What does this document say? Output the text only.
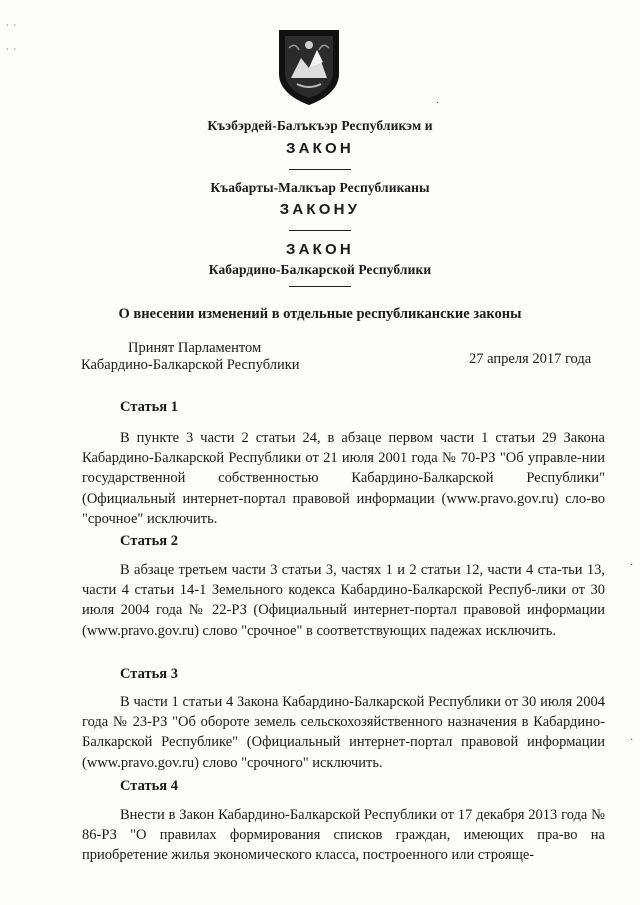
·  ·

·  ·
Къэбэрдей-Балъкъэр Республикэм и
ЗАКОН
Къабарты-Малкъар Республиканы
ЗАКОНУ
ЗАКОН
Кабардино-Балкарской Республики
О внесении изменений в отдельные республиканские законы
Принят Парламентом
Кабардино-Балкарской Республики	27 апреля 2017 года
Статья 1

В пункте 3 части 2 статьи 24, в абзаце первом части 1 статьи 29 Закона Кабардино-Балкарской Республики от 21 июля 2001 года № 70-РЗ "Об управле-нии государственной собственностью Кабардино-Балкарской Республики" (Официальный интернет-портал правовой информации (www.pravo.gov.ru) сло-во "срочное" исключить.

Статья 2

В абзаце третьем части 3 статьи 3, частях 1 и 2 статьи 12, части 4 ста-тьи 13, части 4 статьи 14-1 Земельного кодекса Кабардино-Балкарской Респуб-лики от 30 июля 2004 года № 22-РЗ (Официальный интернет-портал правовой информации (www.pravo.gov.ru) слово "срочное" в соответствующих падежах исключить.

Статья 3

В части 1 статьи 4 Закона Кабардино-Балкарской Республики от 30 июля 2004 года № 23-РЗ "Об обороте земель сельскохозяйственного назначения в Кабардино-Балкарской Республике" (Официальный интернет-портал правовой информации (www.pravo.gov.ru) слово "срочного" исключить.

Статья 4

Внести в Закон Кабардино-Балкарской Республики от 17 декабря 2013 года № 86-РЗ "О правилах формирования списков граждан, имеющих пра-во на приобретение жилья экономического класса, построенного или строяще-

·
·
·
